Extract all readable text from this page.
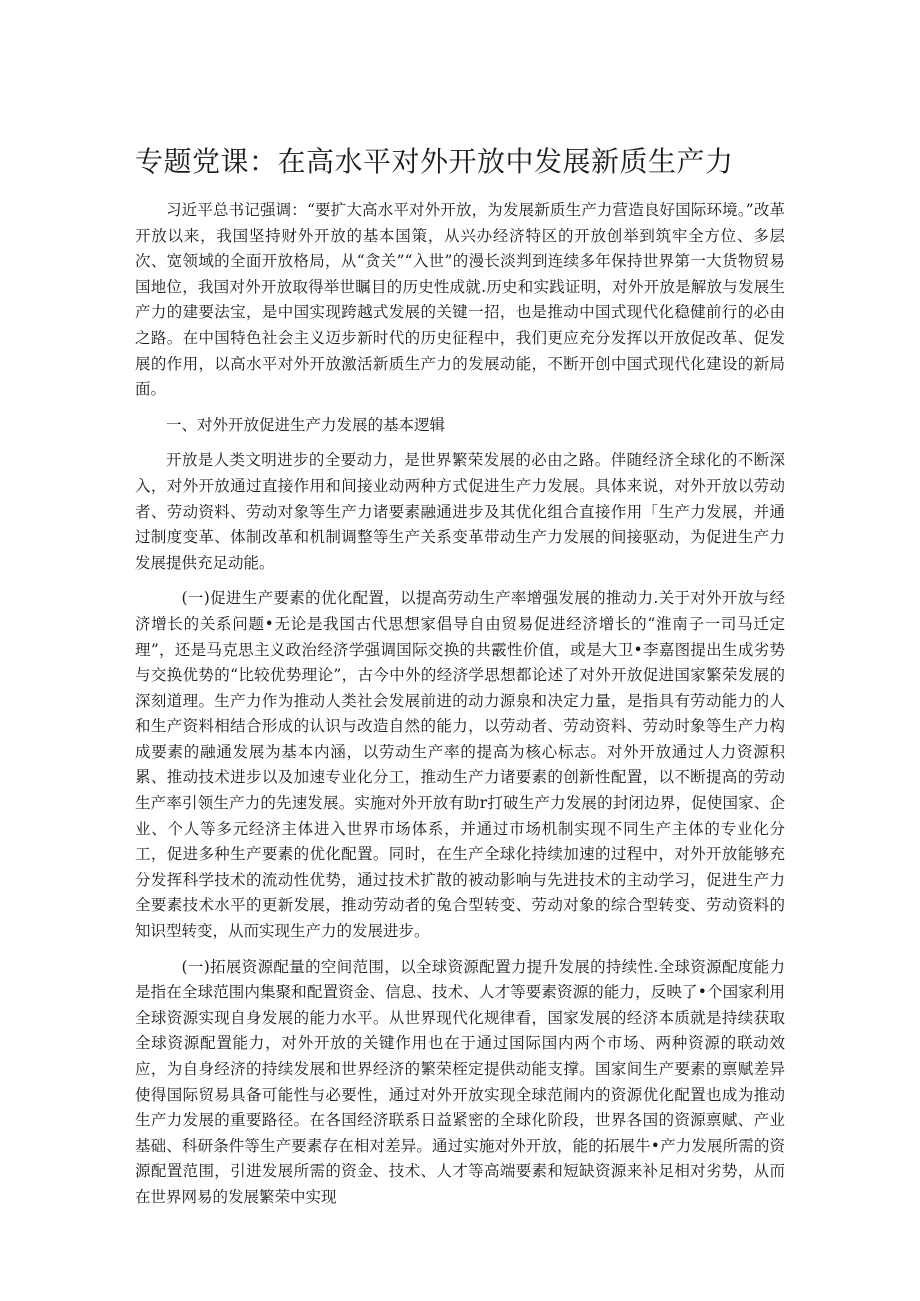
专题党课：在高水平对外开放中发展新质生产力

习近平总书记强调：“要扩大高水平对外开放，为发展新质生产力营造良好国际环境。”改革开放以来，我国坚持财外开放的基本国策，从兴办经济特区的开放创举到筑牢全方位、多层次、宽领域的全面开放格局，从“贪关”“入世”的漫长淡判到连续多年保持世界第一大货物贸易国地位，我国对外开放取得举世瞩目的历史性成就.历史和实践证明，对外开放是解放与发展生产力的建要法宝，是中国实现跨越式发展的关键一招，也是推动中国式现代化稳健前行的必由之路。在中国特色社会主义迈步新时代的历史征程中，我们更应充分发挥以开放促改革、促发展的作用，以高水平对外开放激活新质生产力的发展动能，不断开创中国式现代化建设的新局面。

一、对外开放促进生产力发展的基本逻辑

开放是人类文明进步的全要动力，是世界繁荣发展的必由之路。伴随经济全球化的不断深入，对外开放通过直接作用和间接业动两种方式促进生产力发展。具体来说，对外开放以劳动者、劳动资料、劳动对象等生产力诸要素融通进步及其优化组合直接作用「生产力发展，并通过制度变革、体制改革和机制调整等生产关系变革带动生产力发展的间接驱动，为促进生产力发展提供充足动能。

(一)促进生产要素的优化配置，以提高劳动生产率增强发展的推动力.关于对外开放与经济增长的关系问题•无论是我国古代思想家倡导自由贸易促进经济增长的“淮南子一司马迁定理”，还是马克思主义政治经济学强调国际交换的共霰性价值，或是大卫•李嘉图提出生成劣势与交换优势的“比较优势理论”，古今中外的经济学思想都论述了对外开放促进国家繁荣发展的深刻道理。生产力作为推动人类社会发展前进的动力源泉和决定力量，是指具有劳动能力的人和生产资料相结合形成的认识与改造自然的能力，以劳动者、劳动资料、劳动时象等生产力构成要素的融通发展为基本内涵，以劳动生产率的提高为核心标志。对外开放通过人力资源积累、推动技术进步以及加速专业化分工，推动生产力诸要素的创新性配置，以不断提高的劳动生产率引领生产力的先速发展。实施对外开放有助r打破生产力发展的封闭边界，促使国家、企业、个人等多元经济主体进入世界市场体系，并通过市场机制实现不同生产主体的专业化分工，促进多种生产要素的优化配置。同时，在生产全球化持续加速的过程中，对外开放能够充分发挥科学技术的流动性优势，通过技术扩散的被动影响与先进技术的主动学习，促进生产力全要素技术水平的更新发展，推动劳动者的兔合型转变、劳动对象的综合型转变、劳动资料的知识型转变，从而实现生产力的发展进步。

(一)拓展资源配量的空间范围，以全球资源配置力提升发展的持续性.全球资源配度能力是指在全球范围内集聚和配置资金、信息、技术、人才等要素资源的能力，反映了•个国家利用全球资源实现自身发展的能力水平。从世界现代化规律看，国家发展的经济本质就是持续获取全球资源配置能力，对外开放的关键作用也在于通过国际国内两个市场、两种资源的联动效应，为自身经济的持续发展和世界经济的繁荣桎定提供动能支撑。国家间生产要素的禀赋差异使得国际贸易具备可能性与必要性，通过对外开放实现全球范闹内的资源优化配置也成为推动生产力发展的重要路径。在各国经济联系日益紧密的全球化阶段，世界各国的资源禀赋、产业基础、科研条件等生产要素存在相对差异。通过实施对外开放，能的拓展牛•产力发展所需的资源配置范围，引进发展所需的资金、技术、人才等高端要素和短缺资源来补足相对劣势，从而在世界网易的发展繁荣中实现
